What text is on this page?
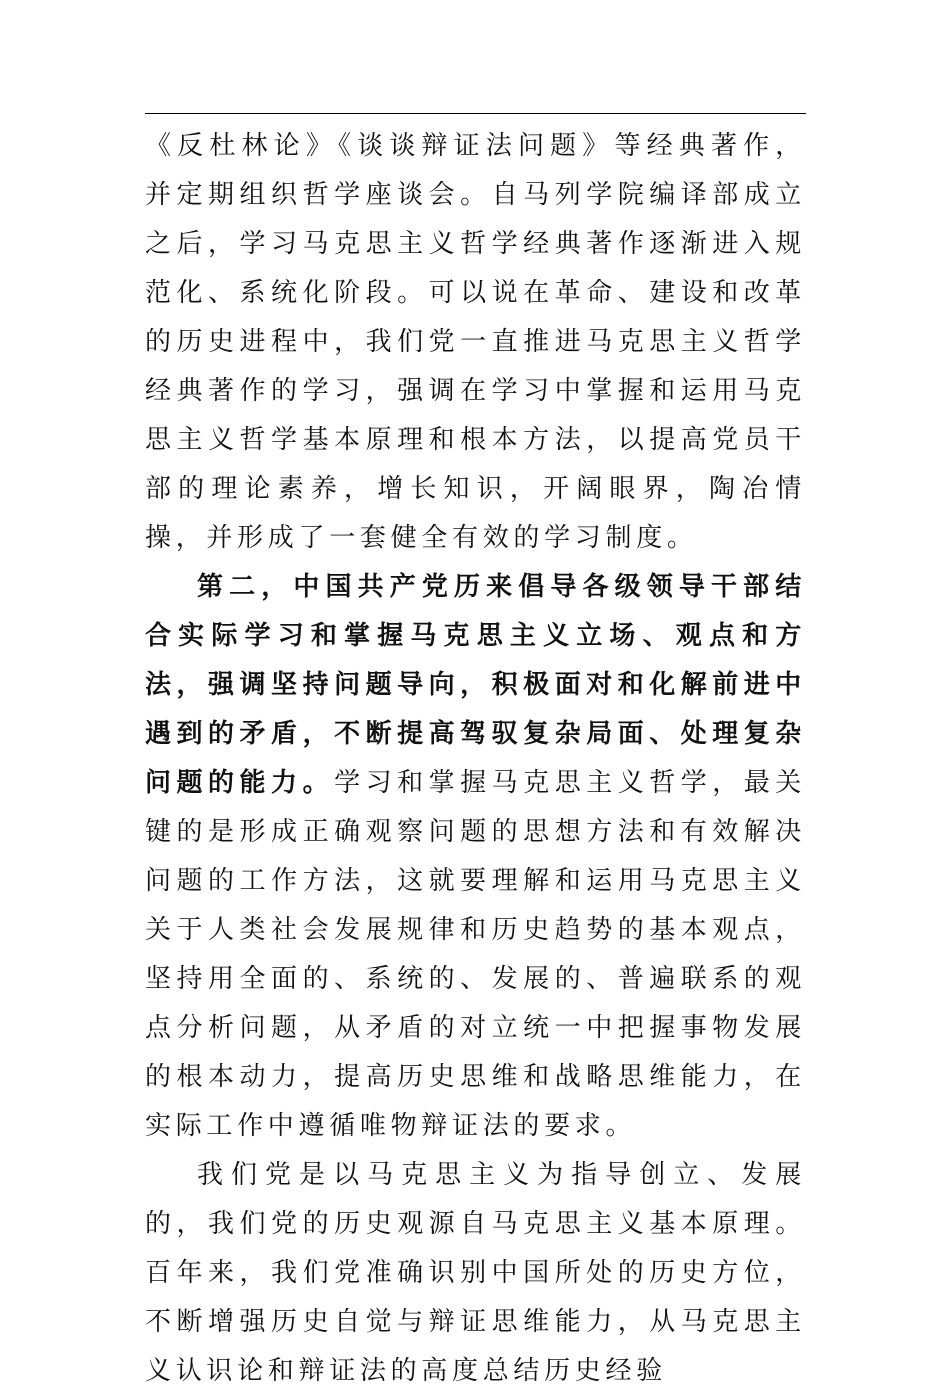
《反杜林论》《谈谈辩证法问题》等经典著作，并定期组织哲学座谈会。自马列学院编译部成立之后，学习马克思主义哲学经典著作逐渐进入规范化、系统化阶段。可以说在革命、建设和改革的历史进程中，我们党一直推进马克思主义哲学经典著作的学习，强调在学习中掌握和运用马克思主义哲学基本原理和根本方法，以提高党员干部的理论素养，增长知识，开阔眼界，陶冶情操，并形成了一套健全有效的学习制度。

第二，中国共产党历来倡导各级领导干部结合实际学习和掌握马克思主义立场、观点和方法，强调坚持问题导向，积极面对和化解前进中遇到的矛盾，不断提高驾驭复杂局面、处理复杂问题的能力。学习和掌握马克思主义哲学，最关键的是形成正确观察问题的思想方法和有效解决问题的工作方法，这就要理解和运用马克思主义关于人类社会发展规律和历史趋势的基本观点，坚持用全面的、系统的、发展的、普遍联系的观点分析问题，从矛盾的对立统一中把握事物发展的根本动力，提高历史思维和战略思维能力，在实际工作中遵循唯物辩证法的要求。

我们党是以马克思主义为指导创立、发展的，我们党的历史观源自马克思主义基本原理。百年来，我们党准确识别中国所处的历史方位，不断增强历史自觉与辩证思维能力，从马克思主义认识论和辩证法的高度总结历史经验
